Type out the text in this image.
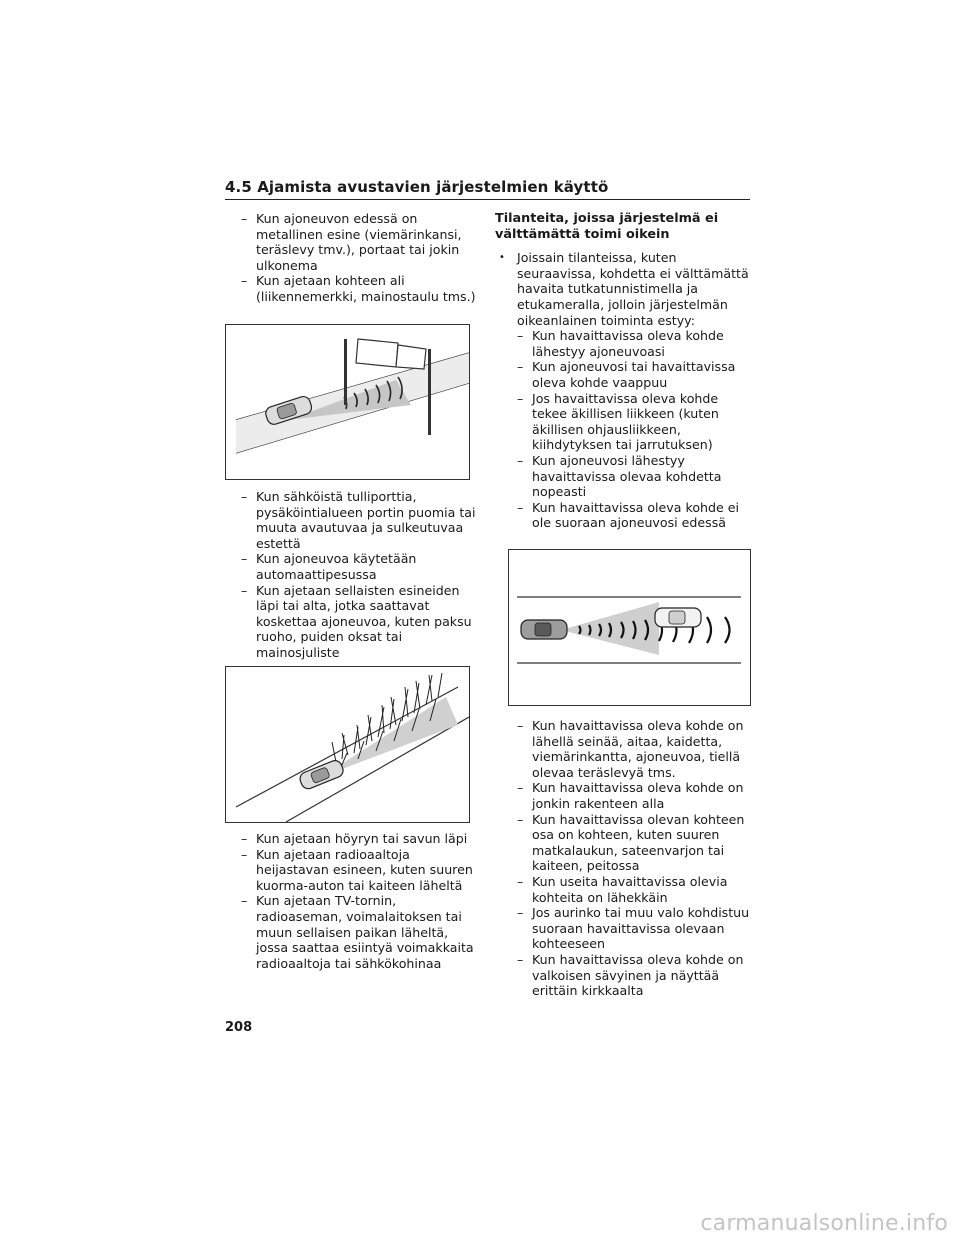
4.5 Ajamista avustavien järjestelmien käyttö
– Kun ajoneuvon edessä on metallinen esine (viemärinkansi, teräslevy tmv.), portaat tai jokin ulkonema
– Kun ajetaan kohteen ali (liikennemerkki, mainostaulu tms.)
– Kun sähköistä tulliporttia, pysäköintialueen portin puomia tai muuta avautuvaa ja sulkeutuvaa estettä
– Kun ajoneuvoa käytetään automaattipesussa
– Kun ajetaan sellaisten esineiden läpi tai alta, jotka saattavat koskettaa ajoneuvoa, kuten paksu ruoho, puiden oksat tai mainosjuliste
– Kun ajetaan höyryn tai savun läpi
– Kun ajetaan radioaaltoja heijastavan esineen, kuten suuren kuorma-auton tai kaiteen läheltä
– Kun ajetaan TV-tornin, radioaseman, voimalaitoksen tai muun sellaisen paikan läheltä, jossa saattaa esiintyä voimakkaita radioaaltoja tai sähkökohinaa
Tilanteita, joissa järjestelmä ei välttämättä toimi oikein
• Joissain tilanteissa, kuten seuraavissa, kohdetta ei välttämättä havaita tutkatunnistimella ja etukameralla, jolloin järjestelmän oikeanlainen toiminta estyy:
– Kun havaittavissa oleva kohde lähestyy ajoneuvoasi
– Kun ajoneuvosi tai havaittavissa oleva kohde vaappuu
– Jos havaittavissa oleva kohde tekee äkillisen liikkeen (kuten äkillisen ohjausliikkeen, kiihdytyksen tai jarrutuksen)
– Kun ajoneuvosi lähestyy havaittavissa olevaa kohdetta nopeasti
– Kun havaittavissa oleva kohde ei ole suoraan ajoneuvosi edessä
– Kun havaittavissa oleva kohde on lähellä seinää, aitaa, kaidetta, viemärinkantta, ajoneuvoa, tiellä olevaa teräslevyä tms.
– Kun havaittavissa oleva kohde on jonkin rakenteen alla
– Kun havaittavissa olevan kohteen osa on kohteen, kuten suuren matkalaukun, sateenvarjon tai kaiteen, peitossa
– Kun useita havaittavissa olevia kohteita on lähekkäin
– Jos aurinko tai muu valo kohdistuu suoraan havaittavissa olevaan kohteeseen
– Kun havaittavissa oleva kohde on valkoisen sävyinen ja näyttää erittäin kirkkaalta
208
carmanualsonline.info
